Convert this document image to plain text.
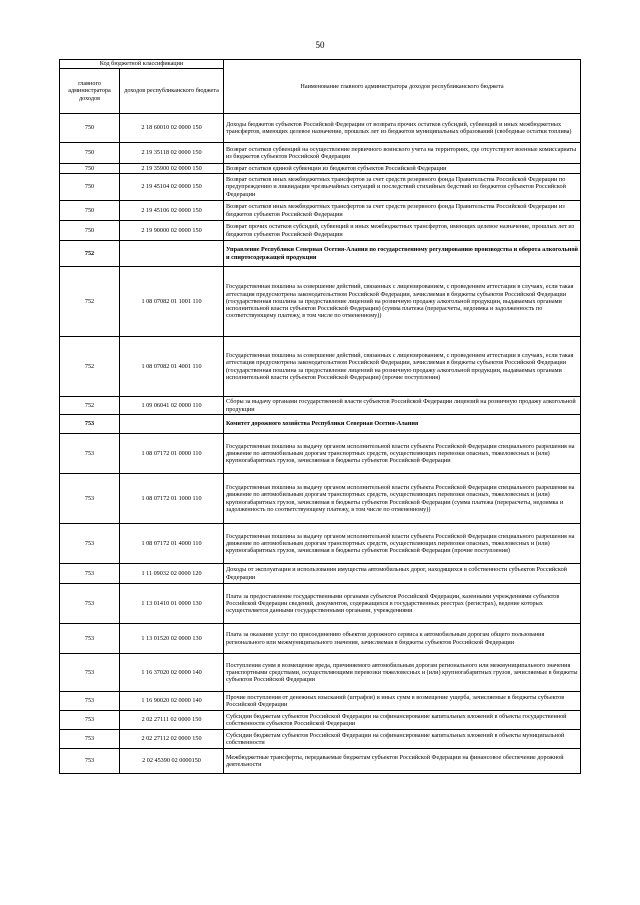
50
Код бюджетной классификации		Наименование главного администратора доходов республиканского бюджета
главного администратора доходов	доходов республиканского бюджета	
750	2 18 60010 02 0000 150	Доходы бюджетов субъектов Российской Федерации от возврата прочих остатков субсидий, субвенций и иных межбюджетных трансфертов, имеющих целевое назначение, прошлых лет из бюджетов муниципальных образований (свободные остатки топлива)
750	2 19 35118 02 0000 150	Возврат остатков субвенций на осуществление первичного воинского учета на территориях, где отсутствуют военные комиссариаты из бюджетов субъектов Российской Федерации
750	2 19 35900 02 0000 150	Возврат остатков единой субвенции из бюджетов субъектов Российской Федерации
750	2 19 45104 02 0000 150	Возврат остатков иных межбюджетных трансфертов за счет средств резервного фонда Правительства Российской Федерации по предупреждению и ликвидации чрезвычайных ситуаций и последствий стихийных бедствий из бюджетов субъектов Российской Федерации
750	2 19 45106 02 0000 150	Возврат остатков иных межбюджетных трансфертов за счет средств резервного фонда Правительства Российской Федерации из бюджетов субъектов Российской Федерации
750	2 19 90000 02 0000 150	Возврат прочих остатков субсидий, субвенций и иных межбюджетных трансфертов, имеющих целевое назначение, прошлых лет из бюджетов субъектов Российской Федерации
752		Управление Республики Северная Осетия-Алания по государственному регулированию производства и оборота алкогольной и спиртосодержащей продукции
752	1 08 07082 01 1001 110	Государственная пошлина за совершение действий, связанных с лицензированием, с проведением аттестации в случаях, если такая аттестация предусмотрена законодательством Российской Федерации, зачисляемая в бюджеты субъектов Российской Федерации (государственная пошлина за предоставление лицензий на розничную продажу алкогольной продукции, выдаваемых органами исполнительной власти субъектов Российской Федерации) (сумма платежа (перерасчеты, недоимка и задолженность по соответствующему платежу, в том числе по отмененному))
752	1 08 07082 01 4001 110	Государственная пошлина за совершение действий, связанных с лицензированием, с проведением аттестации в случаях, если такая аттестация предусмотрена законодательством Российской Федерации, зачисляемая в бюджеты субъектов Российской Федерации (государственная пошлина за предоставление лицензий на розничную продажу алкогольной продукции, выдаваемых органами исполнительной власти субъектов Российской Федерации) (прочие поступления)
752	1 09 06041 02 0000 110	Сборы за выдачу органами государственной власти субъектов Российской Федерации лицензий на розничную продажу алкогольной продукции
753		Комитет дорожного хозяйства Республики Северная Осетия-Алания
753	1 08 07172 01 0000 110	Государственная пошлина за выдачу органом исполнительной власти субъекта Российской Федерации специального разрешения на движение по автомобильным дорогам транспортных средств, осуществляющих перевозки опасных, тяжеловесных и (или) крупногабаритных грузов, зачисляемая в бюджеты субъектов Российской Федерации
753	1 08 07172 01 1000 110	Государственная пошлина за выдачу органом исполнительной власти субъекта Российской Федерации специального разрешения на движение по автомобильным дорогам транспортных средств, осуществляющих перевозки опасных, тяжеловесных и (или) крупногабаритных грузов, зачисляемая в бюджеты субъектов Российской Федерации (сумма платежа (перерасчеты, недоимка и задолженность по соответствующему платежу, в том числе по отмененному))
753	1 08 07172 01 4000 110	Государственная пошлина за выдачу органом исполнительной власти субъекта Российской Федерации специального разрешения на движение по автомобильным дорогам транспортных средств, осуществляющих перевозки опасных, тяжеловесных и (или) крупногабаритных грузов, зачисляемая в бюджеты субъектов Российской Федерации (прочие поступления)
753	1 11 09032 02 0000 120	Доходы от эксплуатации и использования имущества автомобильных дорог, находящихся в собственности субъектов Российской Федерации
753	1 13 01410 01 0000 130	Плата за предоставление государственными органами субъектов Российской Федерации, казенными учреждениями субъектов Российской Федерации сведений, документов, содержащихся в государственных реестрах (регистрах), ведение которых осуществляется данными государственными органами, учреждениями
753	1 13 01520 02 0000 130	Плата за оказание услуг по присоединению объектов дорожного сервиса к автомобильным дорогам общего пользования регионального или межмуниципального значения, зачисляемая в бюджеты субъектов Российской Федерации
753	1 16 37020 02 0000 140	Поступления сумм в возмещение вреда, причиняемого автомобильным дорогам регионального или межмуниципального значения транспортными средствами, осуществляющими перевозки тяжеловесных и (или) крупногабаритных грузов, зачисляемые в бюджеты субъектов Российской Федерации
753	1 16 90020 02 0000 140	Прочие поступления от денежных взысканий (штрафов) и иных сумм в возмещение ущерба, зачисляемые в бюджеты субъектов Российской Федерации
753	2 02 27111 02 0000 150	Субсидии бюджетам субъектов Российской Федерации на софинансирование капитальных вложений в объекты государственной собственности субъектов Российской Федерации
753	2 02 27112 02 0000 150	Субсидии бюджетам субъектов Российской Федерации на софинансирование капитальных вложений в объекты муниципальной собственности
753	2 02 45390 02 0000150	Межбюджетные трансферты, передаваемые бюджетам субъектов Российской Федерации на финансовое обеспечение дорожной деятельности
